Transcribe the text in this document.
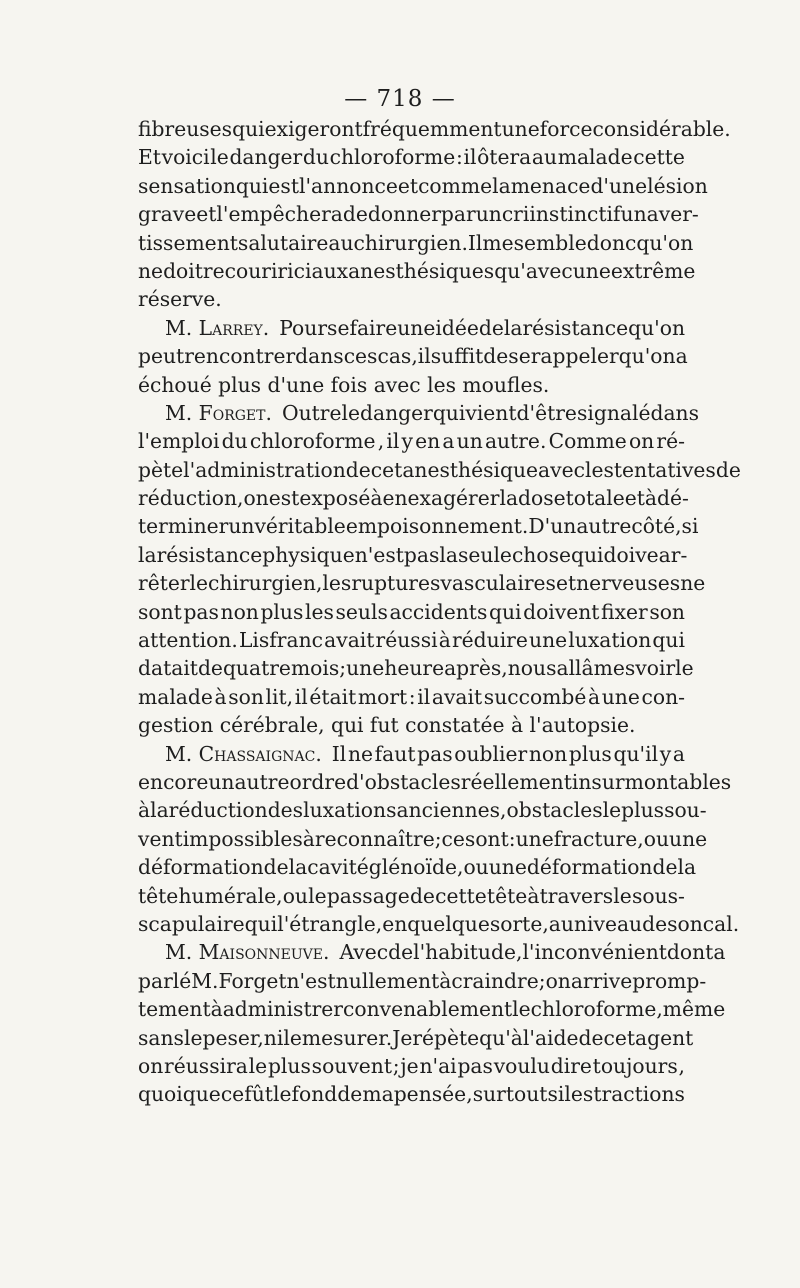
— 718 —
fibreuses qui exigeront fréquemment une force considérable.
Et voici le danger du chloroforme : il ôtera au malade cette
sensation qui est l'annonce et comme la menace d'une lésion
grave et l'empêchera de donner par un cri instinctif un aver-
tissement salutaire au chirurgien. Il me semble donc qu'on
ne doit recourir ici aux anesthésiques qu'avec une extrême
réserve.
M. Larrey. Pour se faire une idée de la résistance qu'on
peut rencontrer dans ces cas , il suffit de se rappeler qu'on a
échoué plus d'une fois avec les moufles.
M. Forget. Outre le danger qui vient d'être signalé dans
l'emploi du chloroforme , il y en a un autre. Comme on ré-
pète l'administration de cet anesthésique avec les tentatives de
réduction, on est exposé à en exagérer la dose totale et à dé-
terminer un véritable empoisonnement. D'un autre côté , si
la résistance physique n'est pas la seule chose qui doive ar-
rêter le chirurgien , les ruptures vasculaires et nerveuses ne
sont pas non plus les seuls accidents qui doivent fixer son
attention. Lisfranc avait réussi à réduire une luxation qui
datait de quatre mois ; une heure après, nous allâmes voir le
malade à son lit, il était mort : il avait succombé à une con-
gestion cérébrale, qui fut constatée à l'autopsie.
M. Chassaignac. Il ne faut pas oublier non plus qu'il y a
encore un autre ordre d'obstacles réellement insurmontables
à la réduction des luxations anciennes , obstacles le plus sou-
vent impossibles à reconnaître ; ce sont : une fracture, ou une
déformation de la cavité glénoïde, ou une déformation de la
tête humérale, ou le passage de cette tête à travers le sous-
scapulaire qui l'étrangle, en quelque sorte, au niveau de son cal.
M. Maisonneuve. Avec de l'habitude , l'inconvénient dont a
parlé M. Forget n'est nullement à craindre ; on arrive promp-
tement à administrer convenablement le chloroforme , même
sans le peser, ni le mesurer. Je répète qu'à l'aide de cet agent
on réussira le plus souvent ; je n'ai pas voulu dire toujours ,
quoique ce fût le fond de ma pensée , surtout si les tractions
